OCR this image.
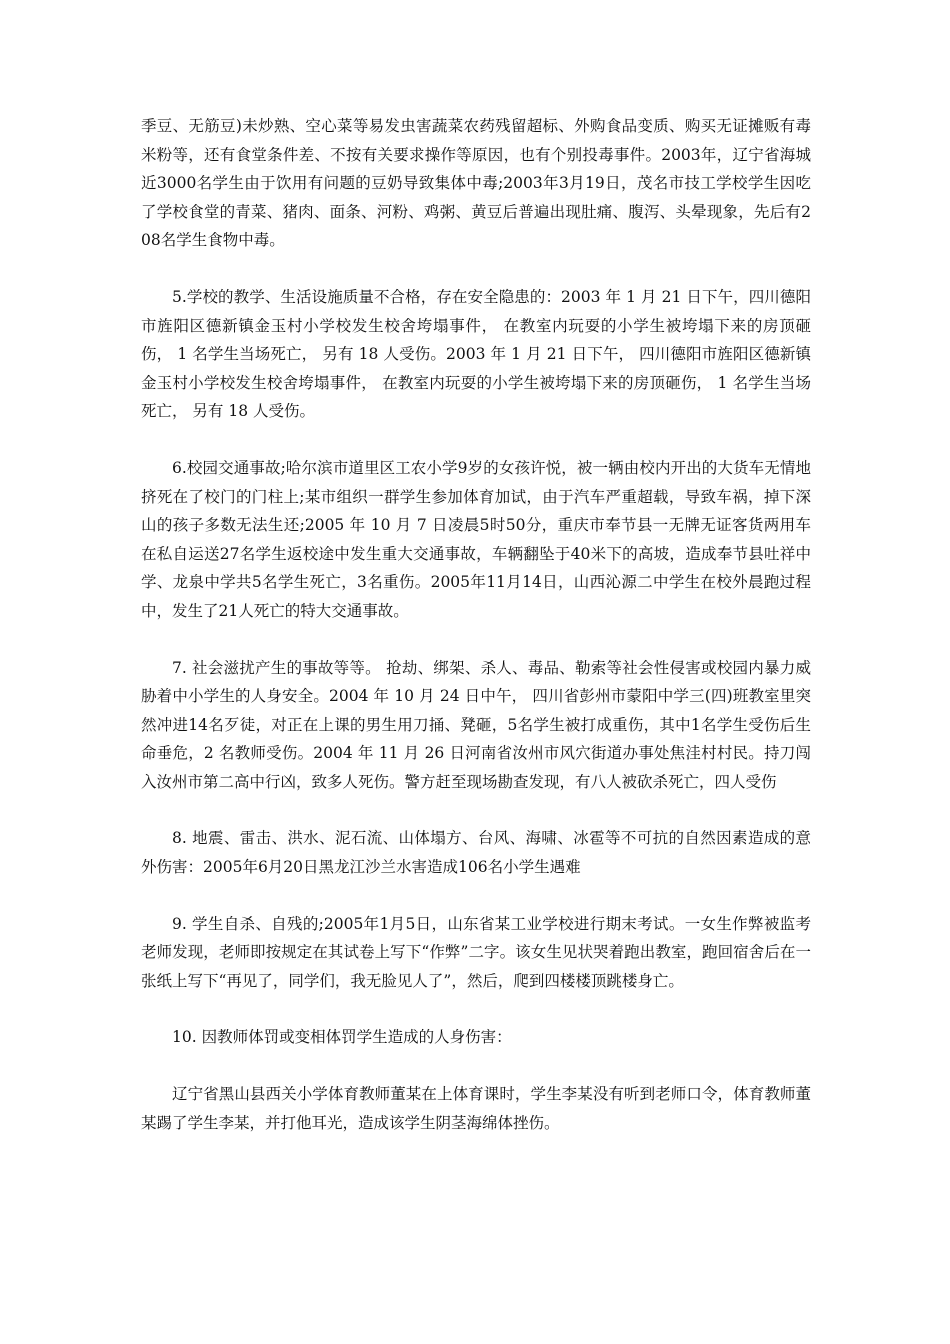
季豆、无筋豆)未炒熟、空心菜等易发虫害蔬菜农药残留超标、外购食品变质、购买无证摊贩有毒米粉等，还有食堂条件差、不按有关要求操作等原因，也有个别投毒事件。2003年，辽宁省海城近3000名学生由于饮用有问题的豆奶导致集体中毒;2003年3月19日，茂名市技工学校学生因吃了学校食堂的青菜、猪肉、面条、河粉、鸡粥、黄豆后普遍出现肚痛、腹泻、头晕现象，先后有208名学生食物中毒。

5.学校的教学、生活设施质量不合格，存在安全隐患的：2003 年 1 月 21 日下午，四川德阳市旌阳区德新镇金玉村小学校发生校舍垮塌事件， 在教室内玩耍的小学生被垮塌下来的房顶砸伤， 1 名学生当场死亡， 另有 18 人受伤。2003 年 1 月 21 日下午， 四川德阳市旌阳区德新镇金玉村小学校发生校舍垮塌事件， 在教室内玩耍的小学生被垮塌下来的房顶砸伤， 1 名学生当场死亡， 另有 18 人受伤。

6.校园交通事故;哈尔滨市道里区工农小学9岁的女孩许悦，被一辆由校内开出的大货车无情地挤死在了校门的门柱上;某市组织一群学生参加体育加试，由于汽车严重超载，导致车祸，掉下深山的孩子多数无法生还;2005 年 10 月 7 日凌晨5时50分，重庆市奉节县一无牌无证客货两用车在私自运送27名学生返校途中发生重大交通事故，车辆翻坠于40米下的高坡，造成奉节县吐祥中学、龙泉中学共5名学生死亡，3名重伤。2005年11月14日，山西沁源二中学生在校外晨跑过程中，发生了21人死亡的特大交通事故。

7. 社会滋扰产生的事故等等。 抢劫、绑架、杀人、毒品、勒索等社会性侵害或校园内暴力威胁着中小学生的人身安全。2004 年 10 月 24 日中午， 四川省彭州市蒙阳中学三(四)班教室里突然冲进14名歹徒，对正在上课的男生用刀捅、凳砸，5名学生被打成重伤，其中1名学生受伤后生命垂危，2 名教师受伤。2004 年 11 月 26 日河南省汝州市风穴街道办事处焦洼村村民。持刀闯入汝州市第二高中行凶，致多人死伤。警方赶至现场勘查发现，有八人被砍杀死亡，四人受伤

8. 地震、雷击、洪水、泥石流、山体塌方、台风、海啸、冰雹等不可抗的自然因素造成的意外伤害：2005年6月20日黑龙江沙兰水害造成106名小学生遇难

9. 学生自杀、自残的;2005年1月5日，山东省某工业学校进行期末考试。一女生作弊被监考老师发现，老师即按规定在其试卷上写下“作弊”二字。该女生见状哭着跑出教室，跑回宿舍后在一张纸上写下“再见了，同学们，我无脸见人了”，然后，爬到四楼楼顶跳楼身亡。

10. 因教师体罚或变相体罚学生造成的人身伤害：

辽宁省黑山县西关小学体育教师董某在上体育课时，学生李某没有听到老师口令，体育教师董某踢了学生李某，并打他耳光，造成该学生阴茎海绵体挫伤。
